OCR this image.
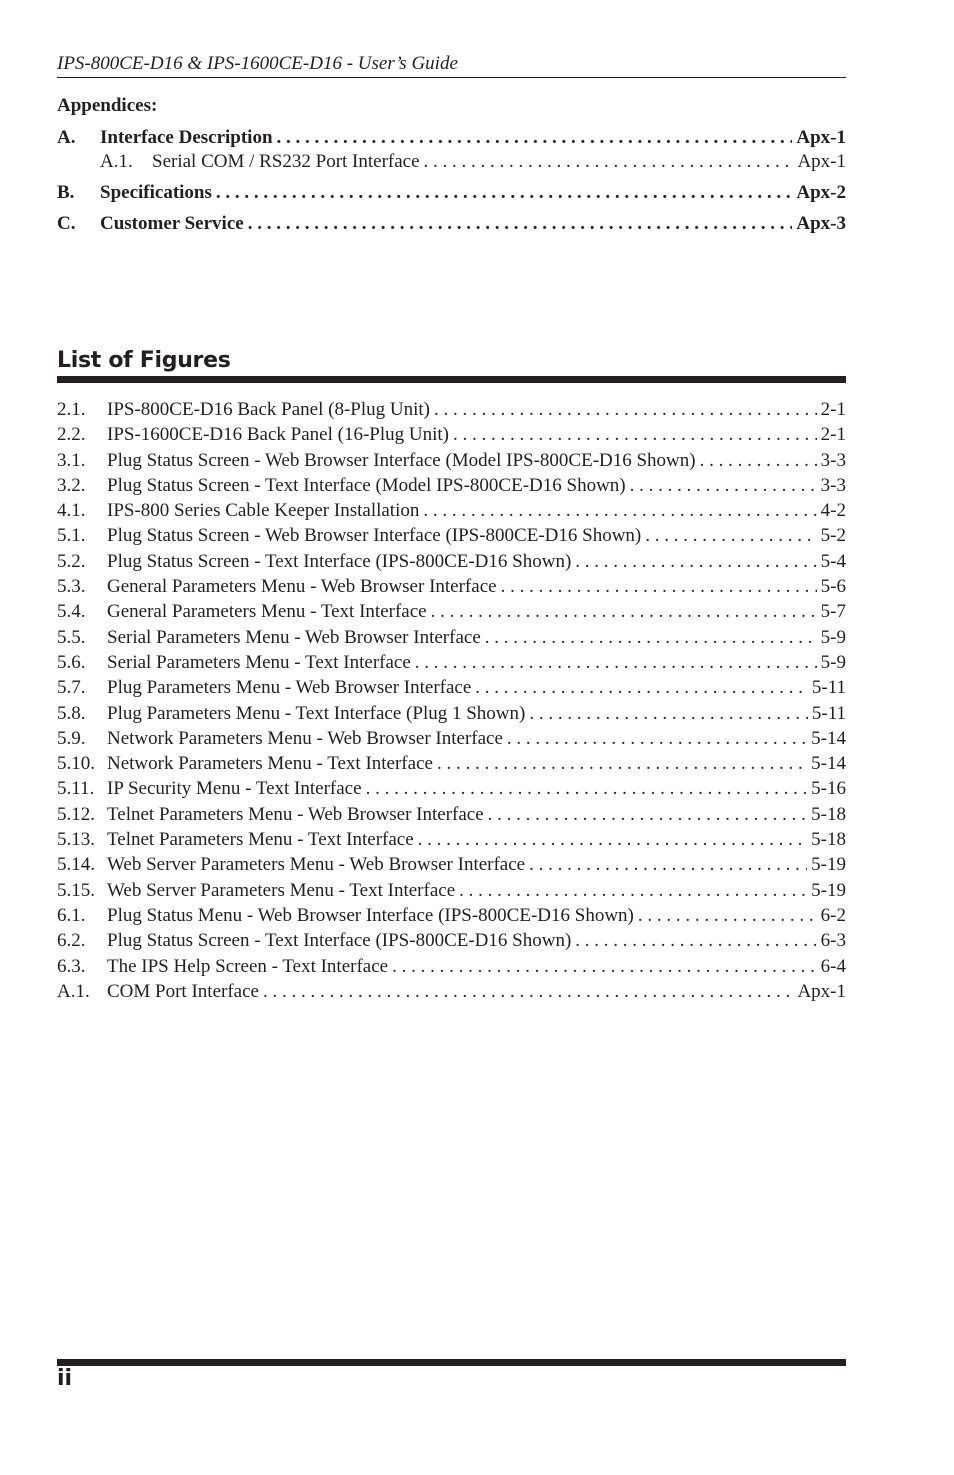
IPS-800CE-D16 & IPS-1600CE-D16 - User’s Guide
Appendices:
A.	Interface Description . . .	Apx-1
A.1.	Serial COM / RS232 Port Interface . . .	Apx-1
B.	Specifications . . .	Apx-2
C.	Customer Service . . .	Apx-3
List of Figures
2.1.	IPS-800CE-D16 Back Panel (8-Plug Unit) . . .	2-1
2.2.	IPS-1600CE-D16 Back Panel (16-Plug Unit) . . .	2-1
3.1.	Plug Status Screen - Web Browser Interface (Model IPS-800CE-D16 Shown) . . .	3-3
3.2.	Plug Status Screen - Text Interface (Model IPS-800CE-D16 Shown) . . .	3-3
4.1.	IPS-800 Series Cable Keeper Installation . . .	4-2
5.1.	Plug Status Screen - Web Browser Interface (IPS-800CE-D16 Shown) . . .	5-2
5.2.	Plug Status Screen - Text Interface (IPS-800CE-D16 Shown) . . .	5-4
5.3.	General Parameters Menu - Web Browser Interface . . .	5-6
5.4.	General Parameters Menu - Text Interface . . .	5-7
5.5.	Serial Parameters Menu - Web Browser Interface . . .	5-9
5.6.	Serial Parameters Menu - Text Interface . . .	5-9
5.7.	Plug Parameters Menu - Web Browser Interface . . .	5-11
5.8.	Plug Parameters Menu - Text Interface (Plug 1 Shown) . . .	5-11
5.9.	Network Parameters Menu - Web Browser Interface . . .	5-14
5.10. Network Parameters Menu - Text Interface . . .	5-14
5.11. IP Security Menu - Text Interface . . .	5-16
5.12. Telnet Parameters Menu - Web Browser Interface . . .	5-18
5.13. Telnet Parameters Menu - Text Interface . . .	5-18
5.14. Web Server Parameters Menu - Web Browser Interface . . .	5-19
5.15. Web Server Parameters Menu - Text Interface . . .	5-19
6.1.	Plug Status Menu - Web Browser Interface (IPS-800CE-D16 Shown) . . .	6-2
6.2.	Plug Status Screen - Text Interface (IPS-800CE-D16 Shown) . . .	6-3
6.3.	The IPS Help Screen - Text Interface . . .	6-4
A.1. COM Port Interface . . .	Apx-1
ii
